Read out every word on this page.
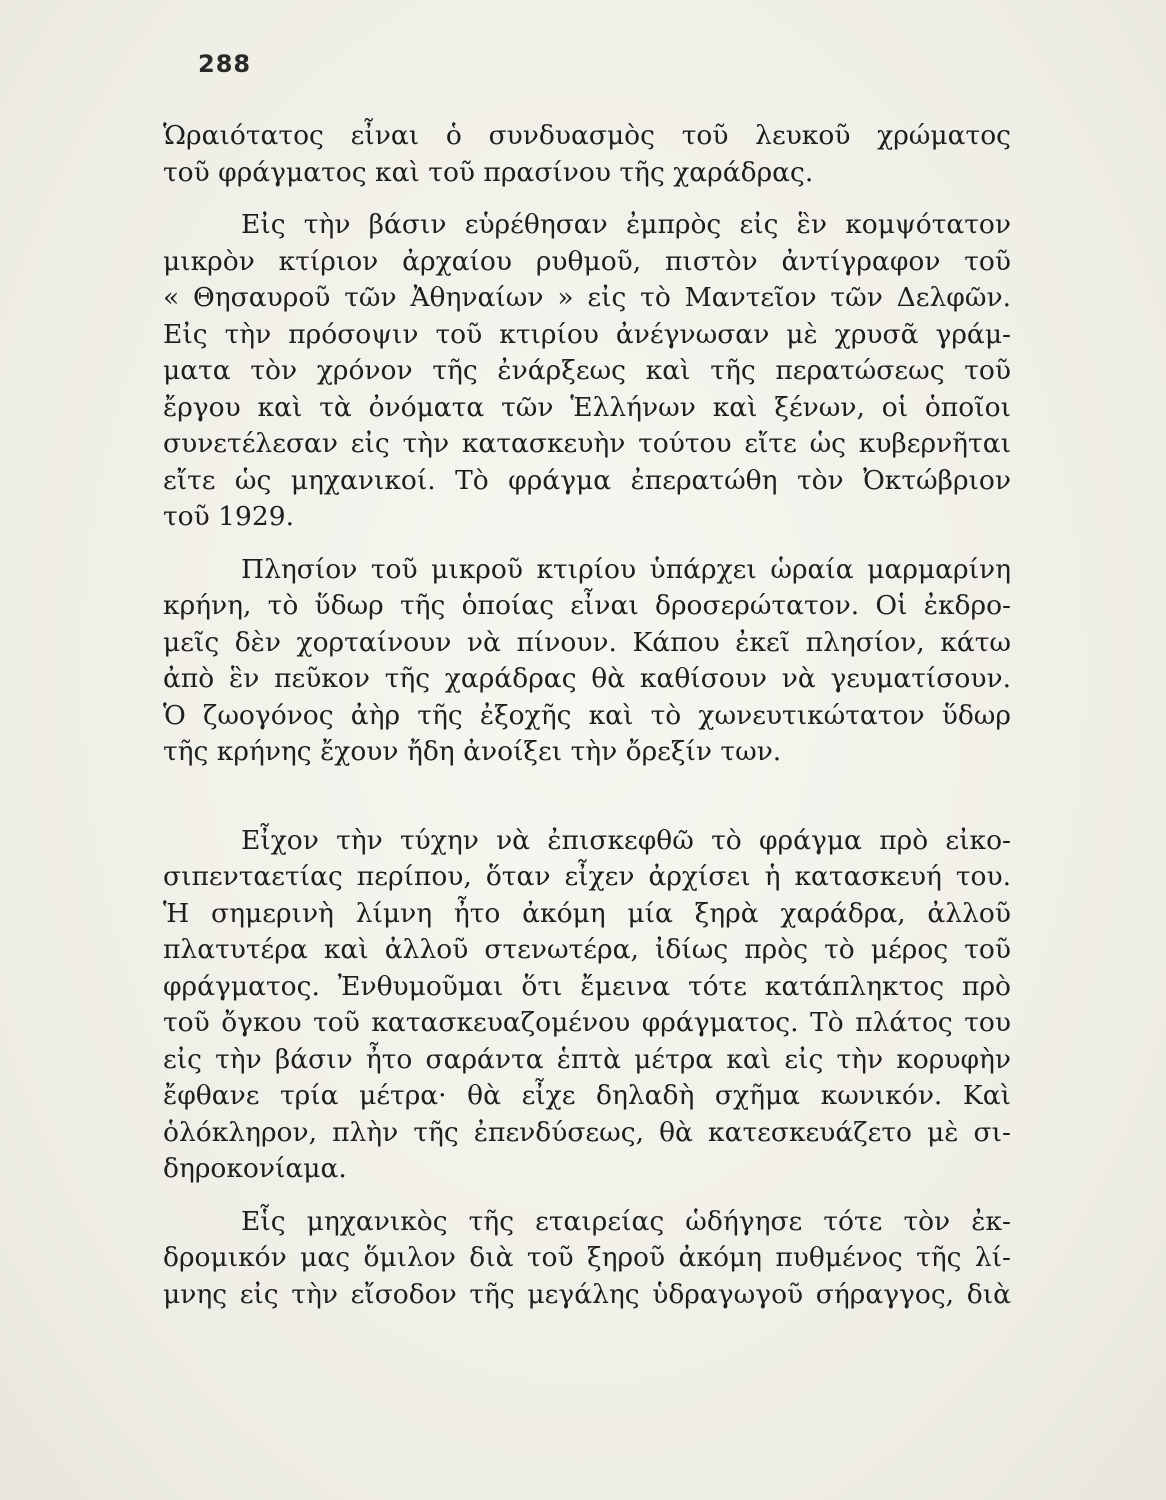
288
Ὡραιότατος εἶναι ὁ συνδυασμὸς τοῦ λευκοῦ χρώματος
τοῦ φράγματος καὶ τοῦ πρασίνου τῆς χαράδρας.
Εἰς τὴν βάσιν εὑρέθησαν ἐμπρὸς εἰς ἓν κομψότατον
μικρὸν κτίριον ἀρχαίου ρυθμοῦ, πιστὸν ἀντίγραφον τοῦ
« Θησαυροῦ τῶν Ἀθηναίων » εἰς τὸ Μαντεῖον τῶν Δελφῶν.
Εἰς τὴν πρόσοψιν τοῦ κτιρίου ἀνέγνωσαν μὲ χρυσᾶ γράμ-
ματα τὸν χρόνον τῆς ἐνάρξεως καὶ τῆς περατώσεως τοῦ
ἔργου καὶ τὰ ὀνόματα τῶν Ἑλλήνων καὶ ξένων, οἱ ὁποῖοι
συνετέλεσαν εἰς τὴν κατασκευὴν τούτου εἴτε ὡς κυβερνῆται
εἴτε ὡς μηχανικοί. Τὸ φράγμα ἐπερατώθη τὸν Ὀκτώβριον
τοῦ 1929.
Πλησίον τοῦ μικροῦ κτιρίου ὑπάρχει ὡραία μαρμαρίνη
κρήνη, τὸ ὕδωρ τῆς ὁποίας εἶναι δροσερώτατον. Οἱ ἐκδρο-
μεῖς δὲν χορταίνουν νὰ πίνουν. Κάπου ἐκεῖ πλησίον, κάτω
ἀπὸ ἓν πεῦκον τῆς χαράδρας θὰ καθίσουν νὰ γευματίσουν.
Ὁ ζωογόνος ἀὴρ τῆς ἐξοχῆς καὶ τὸ χωνευτικώτατον ὕδωρ
τῆς κρήνης ἔχουν ἤδη ἀνοίξει τὴν ὄρεξίν των.
Εἶχον τὴν τύχην νὰ ἐπισκεφθῶ τὸ φράγμα πρὸ εἰκο-
σιπενταετίας περίπου, ὅταν εἶχεν ἀρχίσει ἡ κατασκευή του.
Ἡ σημερινὴ λίμνη ἦτο ἀκόμη μία ξηρὰ χαράδρα, ἀλλοῦ
πλατυτέρα καὶ ἀλλοῦ στενωτέρα, ἰδίως πρὸς τὸ μέρος τοῦ
φράγματος. Ἐνθυμοῦμαι ὅτι ἔμεινα τότε κατάπληκτος πρὸ
τοῦ ὄγκου τοῦ κατασκευαζομένου φράγματος. Τὸ πλάτος του
εἰς τὴν βάσιν ἦτο σαράντα ἑπτὰ μέτρα καὶ εἰς τὴν κορυφὴν
ἔφθανε τρία μέτρα· θὰ εἶχε δηλαδὴ σχῆμα κωνικόν. Καὶ
ὁλόκληρον, πλὴν τῆς ἐπενδύσεως, θὰ κατεσκευάζετο μὲ σι-
δηροκονίαμα.
Εἷς μηχανικὸς τῆς εταιρείας ὡδήγησε τότε τὸν ἐκ-
δρομικόν μας ὅμιλον διὰ τοῦ ξηροῦ ἀκόμη πυθμένος τῆς λί-
μνης εἰς τὴν εἴσοδον τῆς μεγάλης ὑδραγωγοῦ σήραγγος, διὰ
